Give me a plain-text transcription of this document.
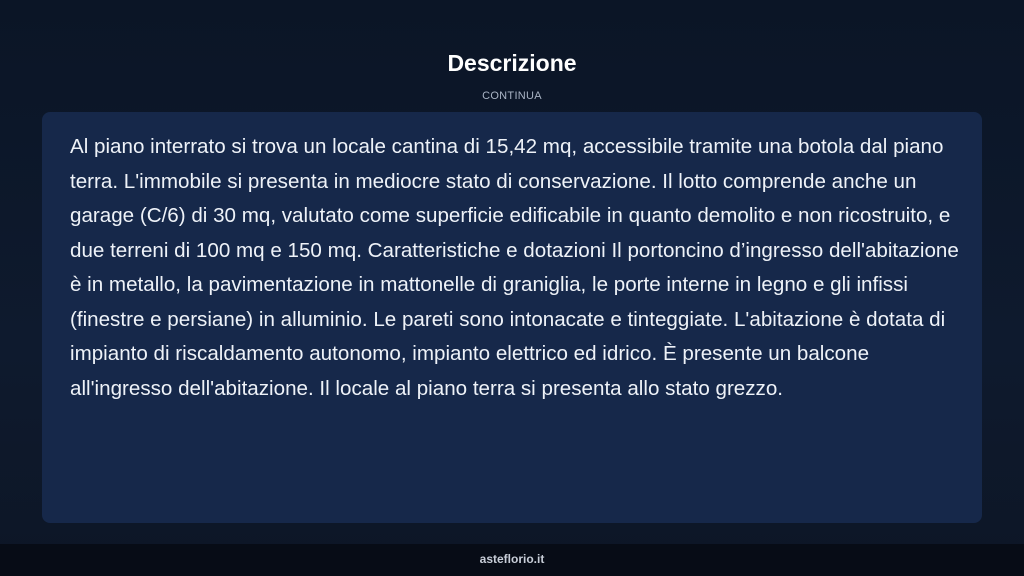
Descrizione
CONTINUA

Al piano interrato si trova un locale cantina di 15,42 mq, accessibile tramite una botola dal piano terra. L'immobile si presenta in mediocre stato di conservazione. Il lotto comprende anche un garage (C/6) di 30 mq, valutato come superficie edificabile in quanto demolito e non ricostruito, e due terreni di 100 mq e 150 mq. Caratteristiche e dotazioni Il portoncino d’ingresso dell'abitazione è in metallo, la pavimentazione in mattonelle di graniglia, le porte interne in legno e gli infissi (finestre e persiane) in alluminio. Le pareti sono intonacate e tinteggiate. L'abitazione è dotata di impianto di riscaldamento autonomo, impianto elettrico ed idrico. È presente un balcone all'ingresso dell'abitazione. Il locale al piano terra si presenta allo stato grezzo.

asteflorio.it
